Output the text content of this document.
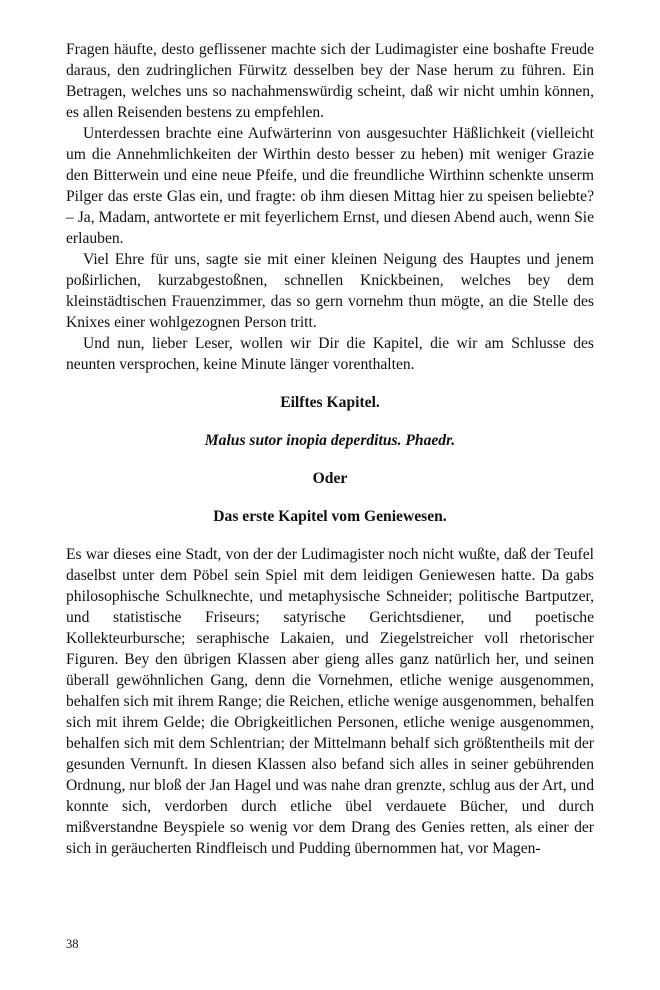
Fragen häufte, desto geflissener machte sich der Ludimagister eine boshafte Freude daraus, den zudringlichen Fürwitz desselben bey der Nase herum zu führen. Ein Betragen, welches uns so nachahmenswürdig scheint, daß wir nicht umhin können, es allen Reisenden bestens zu empfehlen.

Unterdessen brachte eine Aufwärterinn von ausgesuchter Häßlichkeit (vielleicht um die Annehmlichkeiten der Wirthin desto besser zu heben) mit weniger Grazie den Bitterwein und eine neue Pfeife, und die freundliche Wirthinn schenkte unserm Pilger das erste Glas ein, und fragte: ob ihm diesen Mittag hier zu speisen beliebte? – Ja, Madam, antwortete er mit feyerlichem Ernst, und diesen Abend auch, wenn Sie erlauben.

Viel Ehre für uns, sagte sie mit einer kleinen Neigung des Hauptes und jenem poßirlichen, kurzabgestoßnen, schnellen Knickbeinen, welches bey dem kleinstädtischen Frauenzimmer, das so gern vornehm thun mögte, an die Stelle des Knixes einer wohlgezognen Person tritt.

Und nun, lieber Leser, wollen wir Dir die Kapitel, die wir am Schlusse des neunten versprochen, keine Minute länger vorenthalten.

Eilftes Kapitel.
Malus sutor inopia deperditus. Phaedr.
Oder
Das erste Kapitel vom Geniewesen.

Es war dieses eine Stadt, von der der Ludimagister noch nicht wußte, daß der Teufel daselbst unter dem Pöbel sein Spiel mit dem leidigen Geniewesen hatte. Da gabs philosophische Schulknechte, und metaphysische Schneider; politische Bartputzer, und statistische Friseurs; satyrische Gerichtsdiener, und poetische Kollekteurbursche; seraphische Lakaien, und Ziegelstreicher voll rhetorischer Figuren. Bey den übrigen Klassen aber gieng alles ganz natürlich her, und seinen überall gewöhnlichen Gang, denn die Vornehmen, etliche wenige ausgenommen, behalfen sich mit ihrem Range; die Reichen, etliche wenige ausgenommen, behalfen sich mit ihrem Gelde; die Obrigkeitlichen Personen, etliche wenige ausgenommen, behalfen sich mit dem Schlentrian; der Mittelmann behalf sich größtentheils mit der gesunden Vernunft. In diesen Klassen also befand sich alles in seiner gebührenden Ordnung, nur bloß der Jan Hagel und was nahe dran grenzte, schlug aus der Art, und konnte sich, verdorben durch etliche übel verdauete Bücher, und durch mißverstandne Beyspiele so wenig vor dem Drang des Genies retten, als einer der sich in geräucherten Rindfleisch und Pudding übernommen hat, vor Magen-

38
